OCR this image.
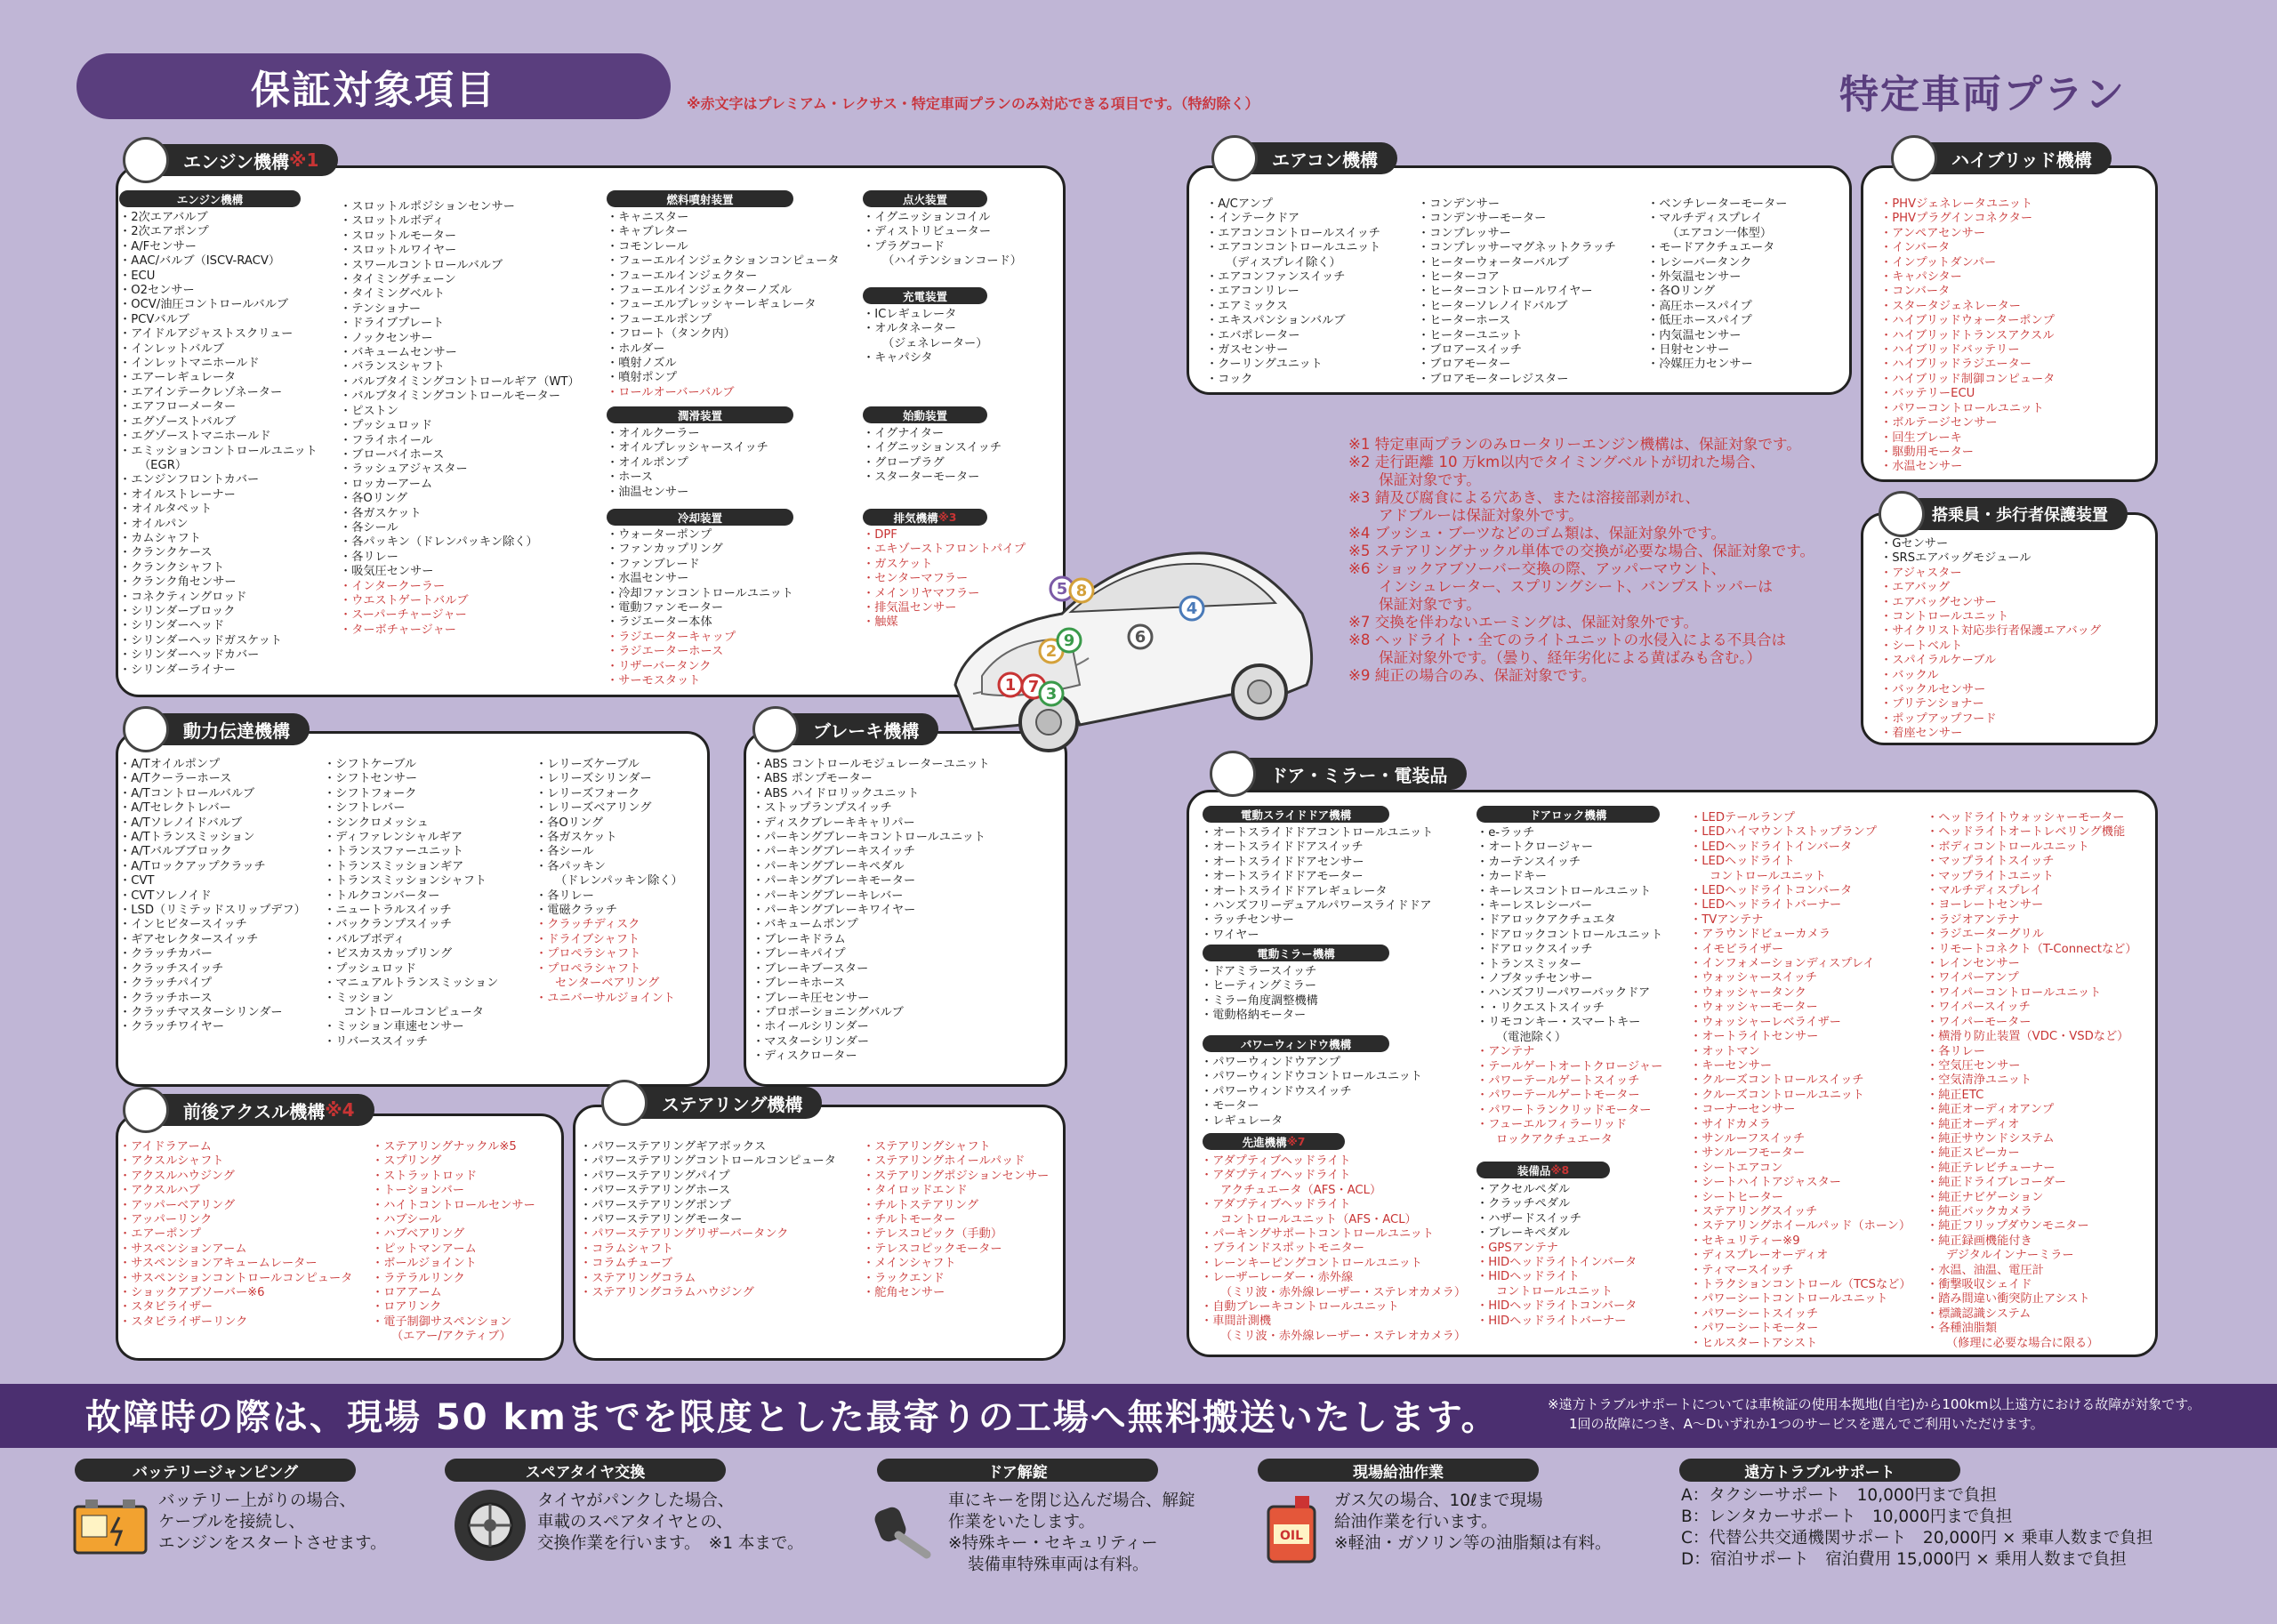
保証対象項目	※赤文字はプレミアム・レクサス・特定車両プランのみ対応できる項目です。（特約除く）	特定車両プラン
1	エンジン機構 ※1
エンジン機構
・ 2次エアバルブ
・ 2次エアポンプ
・ A/Fセンサー
・ AAC/バルブ（ISCV-RACV）
・ ECU
・ O2センサー
・ OCV/油圧コントロールバルブ
・ PCVバルブ
・ アイドルアジャストスクリュー
・ インレットバルブ
・ インレットマニホールド
・ エアーレギュレータ
・ エアインテークレゾネーター
・ エアフローメーター
・ エグゾーストバルブ
・ エグゾーストマニホールド
・ エミッションコントロールユニット
（EGR）
・ エンジンフロントカバー
・ オイルストレーナー
・ オイルタペット
・ オイルパン
・ カムシャフト
・ クランクケース
・ クランクシャフト
・ クランク角センサー
・ コネクティングロッド
・ シリンダーブロック
・ シリンダーヘッド
・ シリンダーヘッドガスケット
・ シリンダーヘッドカバー
・ シリンダーライナー
・ スロットルポジションセンサー
・ スロットルボディ
・ スロットルモーター
・ スロットルワイヤー
・ スワールコントロールバルブ
・ タイミングチェーン
・ タイミングベルト
・ テンショナー
・ ドライブプレート
・ ノックセンサー
・ バキュームセンサー
・ バランスシャフト
・ バルブタイミングコントロールギア（WT）
・ バルブタイミングコントロールモーター
・ ピストン
・ プッシュロッド
・ フライホイール
・ ブローバイホース
・ ラッシュアジャスター
・ ロッカーアーム
・ 各Oリング
・ 各ガスケット
・ 各シール
・ 各パッキン（ドレンパッキン除く）
・ 各リレー
・ 吸気圧センサー
・ インタークーラー
・ ウエストゲートバルブ
・ スーパーチャージャー
・ ターボチャージャー
燃料噴射装置
・ キャニスター
・ キャブレター
・ コモンレール
・ フューエルインジェクションコンピュータ
・ フューエルインジェクター
・ フューエルインジェクターノズル
・ フューエルプレッシャーレギュレータ
・ フューエルポンプ
・ フロート（タンク内）
・ ホルダー
・ 噴射ノズル
・ 噴射ポンプ
・ ロールオーバーバルブ
潤滑装置
・ オイルクーラー
・ オイルプレッシャースイッチ
・ オイルポンプ
・ ホース
・ 油温センサー
冷却装置
・ ウォーターポンプ
・ ファンカップリング
・ ファンブレード
・ 水温センサー
・ 冷却ファンコントロールユニット
・ 電動ファンモーター
・ ラジエーター本体
・ ラジエーターキャップ
・ ラジエーターホース
・ リザーバータンク
・ サーモスタット
点火装置
・ イグニッションコイル
・ ディストリビューター
・ プラグコード
（ハイテンションコード）
充電装置
・ ICレギュレータ
・ オルタネーター
（ジェネレーター）
・ キャパシタ
始動装置
・ イグナイター
・ イグニッションスイッチ
・ グロープラグ
・ スターターモーター
排気機構 ※3
・ DPF
・ エキゾーストフロントパイプ
・ ガスケット
・ センターマフラー
・ メインリヤマフラー
・ 排気温センサー
・ 触媒
2	動力伝達機構
・ A/Tオイルポンプ
・ A/Tクーラーホース
・ A/Tコントロールバルブ
・ A/Tセレクトレバー
・ A/Tソレノイドバルブ
・ A/Tトランスミッション
・ A/Tバルブブロック
・ A/Tロックアップクラッチ
・ CVT
・ CVTソレノイド
・ LSD（リミテッドスリップデフ）
・ インヒビタースイッチ
・ ギアセレクタースイッチ
・ クラッチカバー
・ クラッチスイッチ
・ クラッチパイプ
・ クラッチホース
・ クラッチマスターシリンダー
・ クラッチワイヤー
・ シフトケーブル
・ シフトセンサー
・ シフトフォーク
・ シフトレバー
・ シンクロメッシュ
・ ディファレンシャルギア
・ トランスファーユニット
・ トランスミッションギア
・ トランスミッションシャフト
・ トルクコンバーター
・ ニュートラルスイッチ
・ バックランプスイッチ
・ バルブボディ
・ ビスカスカップリング
・ プッシュロッド
・ マニュアルトランスミッション
・ ミッション
コントロールコンピュータ
・ ミッション車速センサー
・ リバーススイッチ
・ レリーズケーブル
・ レリーズシリンダー
・ レリーズフォーク
・ レリーズベアリング
・ 各Oリング
・ 各ガスケット
・ 各シール
・ 各パッキン
（ドレンパッキン除く）
・ 各リレー
・ 電磁クラッチ
・ クラッチディスク
・ ドライブシャフト
・ プロペラシャフト
・ プロペラシャフト
センターベアリング
・ ユニバーサルジョイント
3	ブレーキ機構
・ ABS コントロールモジュレーターユニット
・ ABS ポンプモーター
・ ABS ハイドロリックユニット
・ ストップランプスイッチ
・ ディスクブレーキキャリパー
・ パーキングブレーキコントロールユニット
・ パーキングブレーキスイッチ
・ パーキングブレーキペダル
・ パーキングブレーキモーター
・ パーキングブレーキレバー
・ パーキングブレーキワイヤー
・ バキュームポンプ
・ ブレーキドラム
・ ブレーキパイプ
・ ブレーキブースター
・ ブレーキホース
・ ブレーキ圧センサー
・ プロポーショニングバルブ
・ ホイールシリンダー
・ マスターシリンダー
・ ディスクローター
4	前後アクスル機構 ※4
・ アイドラアーム
・ アクスルシャフト
・ アクスルハウジング
・ アクスルハブ
・ アッパーベアリング
・ アッパーリンク
・ エアーポンプ
・ サスペンションアーム
・ サスペンションアキュームレーター
・ サスペンションコントロールコンピュータ
・ ショックアブソーバー※6
・ スタビライザー
・ スタビライザーリンク
・ ステアリングナックル※5
・ スプリング
・ ストラットロッド
・ トーションバー
・ ハイトコントロールセンサー
・ ハブシール
・ ハブベアリング
・ ピットマンアーム
・ ボールジョイント
・ ラテラルリンク
・ ロアアーム
・ ロアリンク
・ 電子制御サスペンション
（エアー/アクティブ）
5	ステアリング機構
・ パワーステアリングギアボックス
・ パワーステアリングコントロールコンピュータ
・ パワーステアリングパイプ
・ パワーステアリングホース
・ パワーステアリングポンプ
・ パワーステアリングモーター
・ パワーステアリングリザーバータンク
・ コラムシャフト
・ コラムチューブ
・ ステアリングコラム
・ ステアリングコラムハウジング
・ ステアリングシャフト
・ ステアリングホイールパッド
・ ステアリングポジションセンサー
・ タイロッドエンド
・ チルトステアリング
・ チルトモーター
・ テレスコピック（手動）
・ テレスコピックモーター
・ メインシャフト
・ ラックエンド
・ 舵角センサー
6	エアコン機構
・ A/Cアンプ
・ インテークドア
・ エアコンコントロールスイッチ
・ エアコンコントロールユニット
（ディスプレイ除く）
・ エアコンファンスイッチ
・ エアコンリレー
・ エアミックス
・ エキスパンションバルブ
・ エバポレーター
・ ガスセンサー
・ クーリングユニット
・ コック
・ コンデンサー
・ コンデンサーモーター
・ コンプレッサー
・ コンプレッサーマグネットクラッチ
・ ヒーターウォーターバルブ
・ ヒーターコア
・ ヒーターコントロールワイヤー
・ ヒーターソレノイドバルブ
・ ヒーターホース
・ ヒーターユニット
・ ブロアースイッチ
・ ブロアモーター
・ ブロアモーターレジスター
・ ベンチレーターモーター
・ マルチディスプレイ
（エアコン一体型）
・ モードアクチュエータ
・ レシーバータンク
・ 外気温センサー
・ 各Oリング
・ 高圧ホースパイプ
・ 低圧ホースパイプ
・ 内気温センサー
・ 日射センサー
・ 冷媒圧力センサー
7	ハイブリッド機構
・ PHVジェネレータユニット
・ PHVプラグインコネクター
・ アンペアセンサー
・ インバータ
・ インプットダンパー
・ キャパシター
・ コンバータ
・ スタータジェネレーター
・ ハイブリッドウォーターポンプ
・ ハイブリッドトランスアクスル
・ ハイブリッドバッテリー
・ ハイブリッドラジエーター
・ ハイブリッド制御コンピュータ
・ バッテリーECU
・ パワーコントロールユニット
・ ボルテージセンサー
・ 回生ブレーキ
・ 駆動用モーター
・ 水温センサー
8	搭乗員・歩行者保護装置
・ Gセンサー
・ SRSエアバッグモジュール
・ アジャスター
・ エアバッグ
・ エアバッグセンサー
・ コントロールユニット
・ サイクリスト対応歩行者保護エアバッグ
・ シートベルト
・ スパイラルケーブル
・ バックル
・ バックルセンサー
・ プリテンショナー
・ ポップアップフード
・ 着座センサー
9	ドア・ミラー・電装品
電動スライドドア機構
・ オートスライドドアコントロールユニット
・ オートスライドドアスイッチ
・ オートスライドドアセンサー
・ オートスライドドアモーター
・ オートスライドドアレギュレータ
・ ハンズフリーデュアルパワースライドドア
・ ラッチセンサー
・ ワイヤー
電動ミラー機構
・ ドアミラースイッチ
・ ヒーティングミラー
・ ミラー角度調整機構
・ 電動格納モーター
パワーウィンドウ機構
・ パワーウィンドウアンプ
・ パワーウィンドウコントロールユニット
・ パワーウィンドウスイッチ
・ モーター
・ レギュレータ
先進機構 ※7
・ アダプティブヘッドライト
・ アダプティブヘッドライト
アクチュエータ（AFS・ACL）
・ アダプティブヘッドライト
コントロールユニット（AFS・ACL）
・ パーキングサポートコントロールユニット
・ ブラインドスポットモニター
・ レーンキーピングコントロールユニット
・ レーザーレーダー・赤外線
（ミリ波・赤外線レーザー・ステレオカメラ）
・ 自動ブレーキコントロールユニット
・ 車間計測機
（ミリ波・赤外線レーザー・ステレオカメラ）
ドアロック機構
・ e-ラッチ
・ オートクロージャー
・ カーテンスイッチ
・ カードキー
・ キーレスコントロールユニット
・ キーレスレシーバー
・ ドアロックアクチュエタ
・ ドアロックコントロールユニット
・ ドアロックスイッチ
・ トランスミッター
・ ノブタッチセンサー
・ ハンズフリーパワーバックドア
・ ・リクエストスイッチ
・ リモコンキー・スマートキー
（電池除く）
・ アンテナ
・ テールゲートオートクロージャー
・ パワーテールゲートスイッチ
・ パワーテールゲートモーター
・ パワートランクリッドモーター
・ フューエルフィラーリッド
ロックアクチュエータ
装備品 ※8
・ アクセルペダル
・ クラッチペダル
・ ハザードスイッチ
・ ブレーキペダル
・ GPSアンテナ
・ HIDヘッドライトインバータ
・ HIDヘッドライト
コントロールユニット
・ HIDヘッドライトコンバータ
・ HIDヘッドライトバーナー
・ LEDテールランプ
・ LEDハイマウントストップランプ
・ LEDヘッドライトインバータ
・ LEDヘッドライト
コントロールユニット
・ LEDヘッドライトコンバータ
・ LEDヘッドライトバーナー
・ TVアンテナ
・ アラウンドビューカメラ
・ イモビライザー
・ インフォメーションディスプレイ
・ ウォッシャースイッチ
・ ウォッシャータンク
・ ウォッシャーモーター
・ ウォッシャーレベライザー
・ オートライトセンサー
・ オットマン
・ キーセンサー
・ クルーズコントロールスイッチ
・ クルーズコントロールユニット
・ コーナーセンサー
・ サイドカメラ
・ サンルーフスイッチ
・ サンルーフモーター
・ シートエアコン
・ シートハイトアジャスター
・ シートヒーター
・ ステアリングスイッチ
・ ステアリングホイールパッド（ホーン）
・ セキュリティー※9
・ ディスプレーオーディオ
・ ティマースイッチ
・ トラクションコントロール（TCSなど）
・ パワーシートコントロールユニット
・ パワーシートスイッチ
・ パワーシートモーター
・ ヒルスタートアシスト
・ ヘッドライトウォッシャーモーター
・ ヘッドライトオートレベリング機能
・ ボディコントロールユニット
・ マップライトスイッチ
・ マップライトユニット
・ マルチディスプレイ
・ ヨーレートセンサー
・ ラジオアンテナ
・ ラジエーターグリル
・ リモートコネクト（T-Connectなど）
・ レインセンサー
・ ワイパーアンプ
・ ワイパーコントロールユニット
・ ワイパースイッチ
・ ワイパーモーター
・ 横滑り防止装置（VDC・VSDなど）
・ 各リレー
・ 空気圧センサー
・ 空気清浄ユニット
・ 純正ETC
・ 純正オーディオアンプ
・ 純正オーディオ
・ 純正サウンドシステム
・ 純正スピーカー
・ 純正テレビチューナー
・ 純正ドライブレコーダー
・ 純正ナビゲーション
・ 純正バックカメラ
・ 純正フリップダウンモニター
・ 純正録画機能付き
デジタルインナーミラー
・ 水温、油温、電圧計
・ 衝撃吸収シェイド
・ 踏み間違い衝突防止アシスト
・ 標識認識システム
・ 各種油脂類
（修理に必要な場合に限る）
※1 特定車両プランのみロータリーエンジン機構は、保証対象です。
※2 走行距離 10 万km以内でタイミングベルトが切れた場合、
保証対象です。
※3 錆及び腐食による穴あき、または溶接部剥がれ、
アドブルーは保証対象外です。
※4 ブッシュ・ブーツなどのゴム類は、保証対象外です。
※5 ステアリングナックル単体での交換が必要な場合、保証対象です。
※6 ショックアブソーバー交換の際、アッパーマウント、
インシュレーター、スプリングシート、バンプストッパーは
保証対象です。
※7 交換を伴わないエーミングは、保証対象外です。
※8 ヘッドライト・全てのライトユニットの水侵入による不具合は
保証対象外です。（曇り、経年劣化による黄ばみも含む。）
※9 純正の場合のみ、保証対象です。
1 7
2
3
9
5 8
6
4
故障時の際は、現場 50 kmまでを限度とした最寄りの工場へ無料搬送いたします。	※遠方トラブルサポートについては車検証の使用本拠地(自宅)から100km以上遠方における故障が対象です。
1回の故障につき、A～Dいずれか1つのサービスを選んでご利用いただけます。
バッテリージャンピング
バッテリー上がりの場合、
ケーブルを接続し、
エンジンをスタートさせます。
スペアタイヤ交換
タイヤがパンクした場合、
車載のスペアタイヤとの、
交換作業を行います。　※1 本まで。
ドア解錠
車にキーを閉じ込んだ場合、解錠
作業をいたします。
※特殊キー・セキュリティー
装備車特殊車両は有料。
現場給油作業
OIL
ガス欠の場合、10ℓまで現場
給油作業を行います。
※軽油・ガソリン等の油脂類は有料。
遠方トラブルサポート
A：タクシーサポート　10,000円まで負担
B：レンタカーサポート　10,000円まで負担
C：代替公共交通機関サポート　20,000円 × 乗車人数まで負担
D：宿泊サポート　宿泊費用 15,000円 × 乗用人数まで負担
